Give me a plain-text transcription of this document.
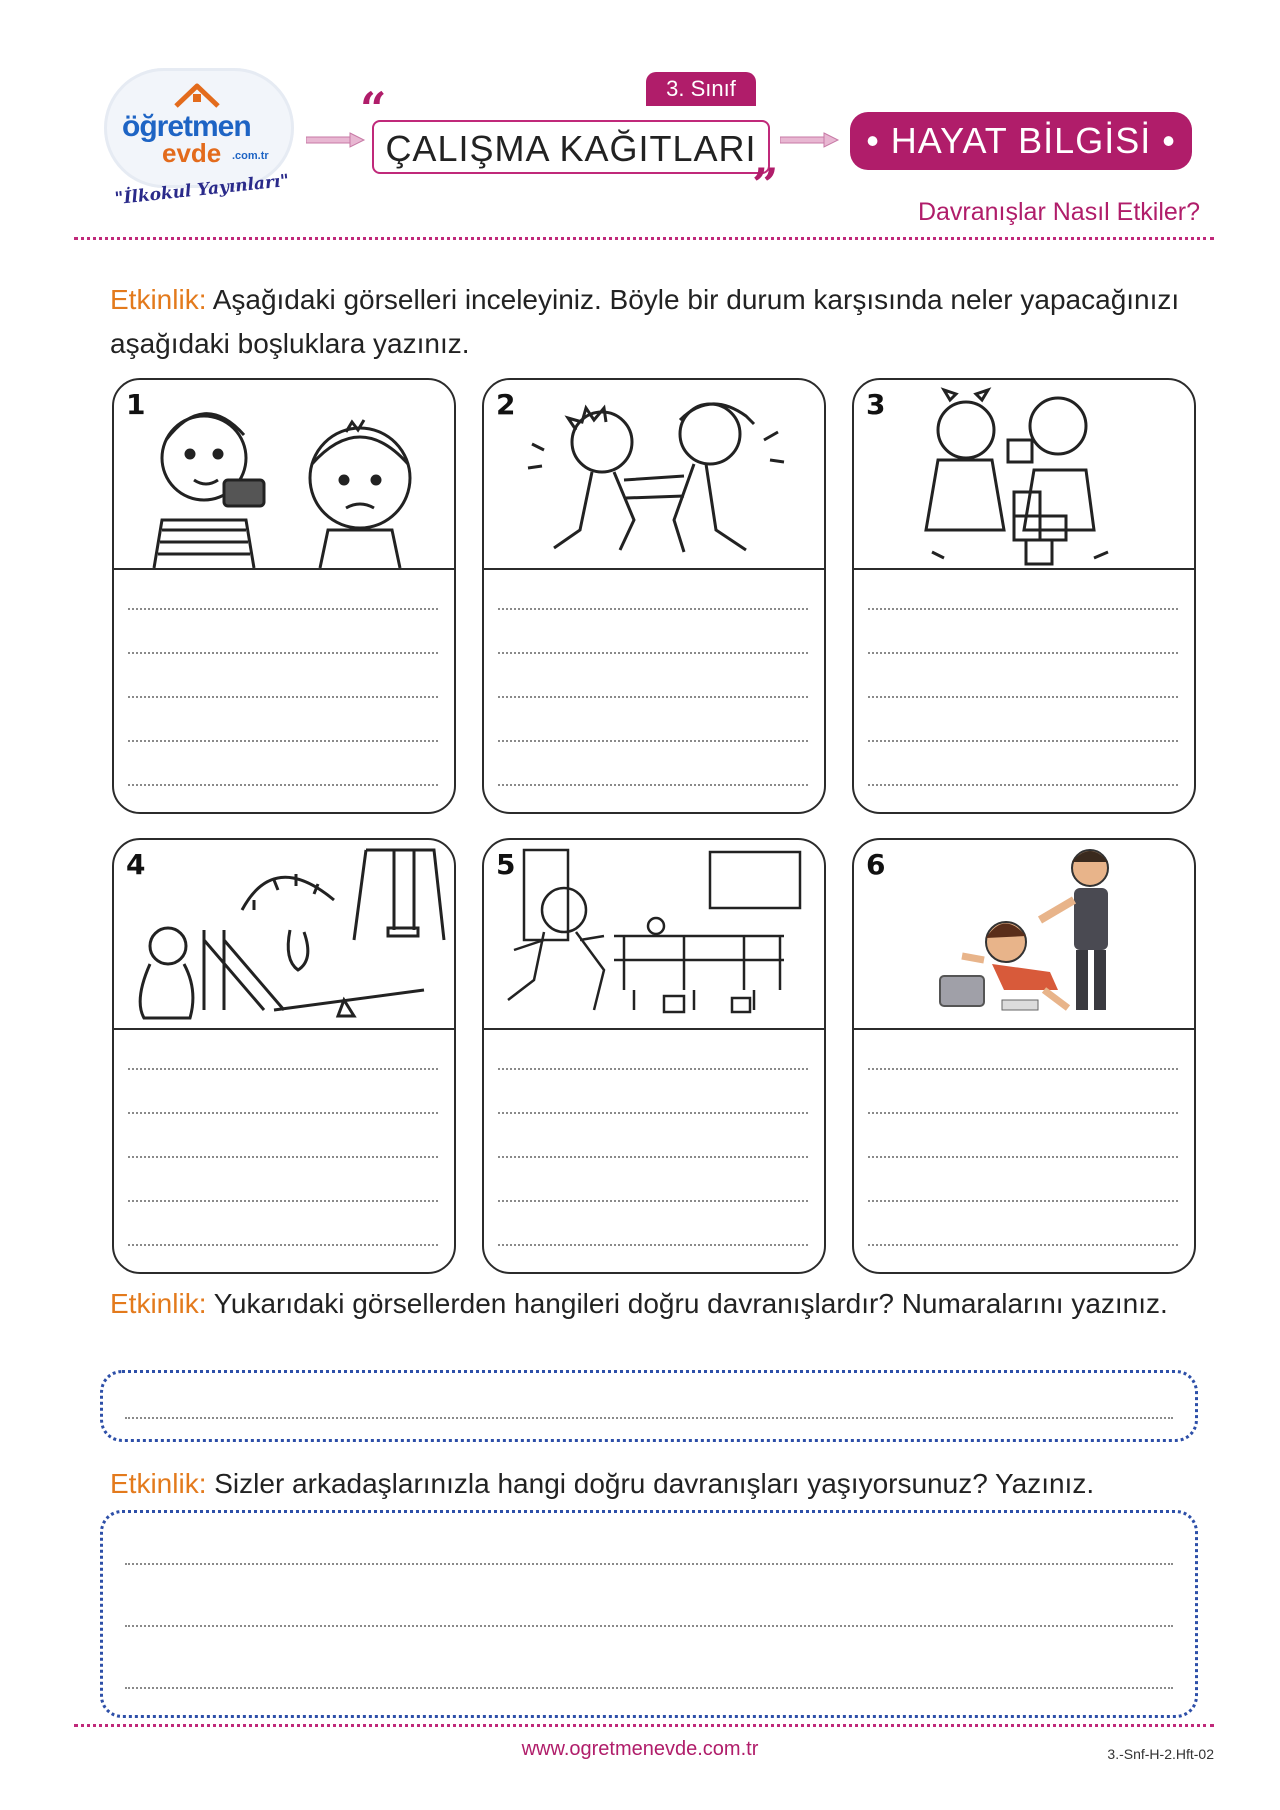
öğretmen
evde .com.tr
"İlkokul Yayınları"
“	3. Sınıf
ÇALIŞMA KAĞITLARI
”
• HAYAT BİLGİSİ •
Davranışlar Nasıl Etkiler?
Etkinlik: Aşağıdaki görselleri inceleyiniz. Böyle bir durum karşısında neler yapacağınızı aşağıdaki boşluklara yazınız.
1	2	3
4	5	6
Etkinlik: Yukarıdaki görsellerden hangileri doğru davranışlardır? Numaralarını yazınız.
Etkinlik: Sizler arkadaşlarınızla hangi doğru davranışları yaşıyorsunuz? Yazınız.
www.ogretmenevde.com.tr	3.-Snf-H-2.Hft-02
